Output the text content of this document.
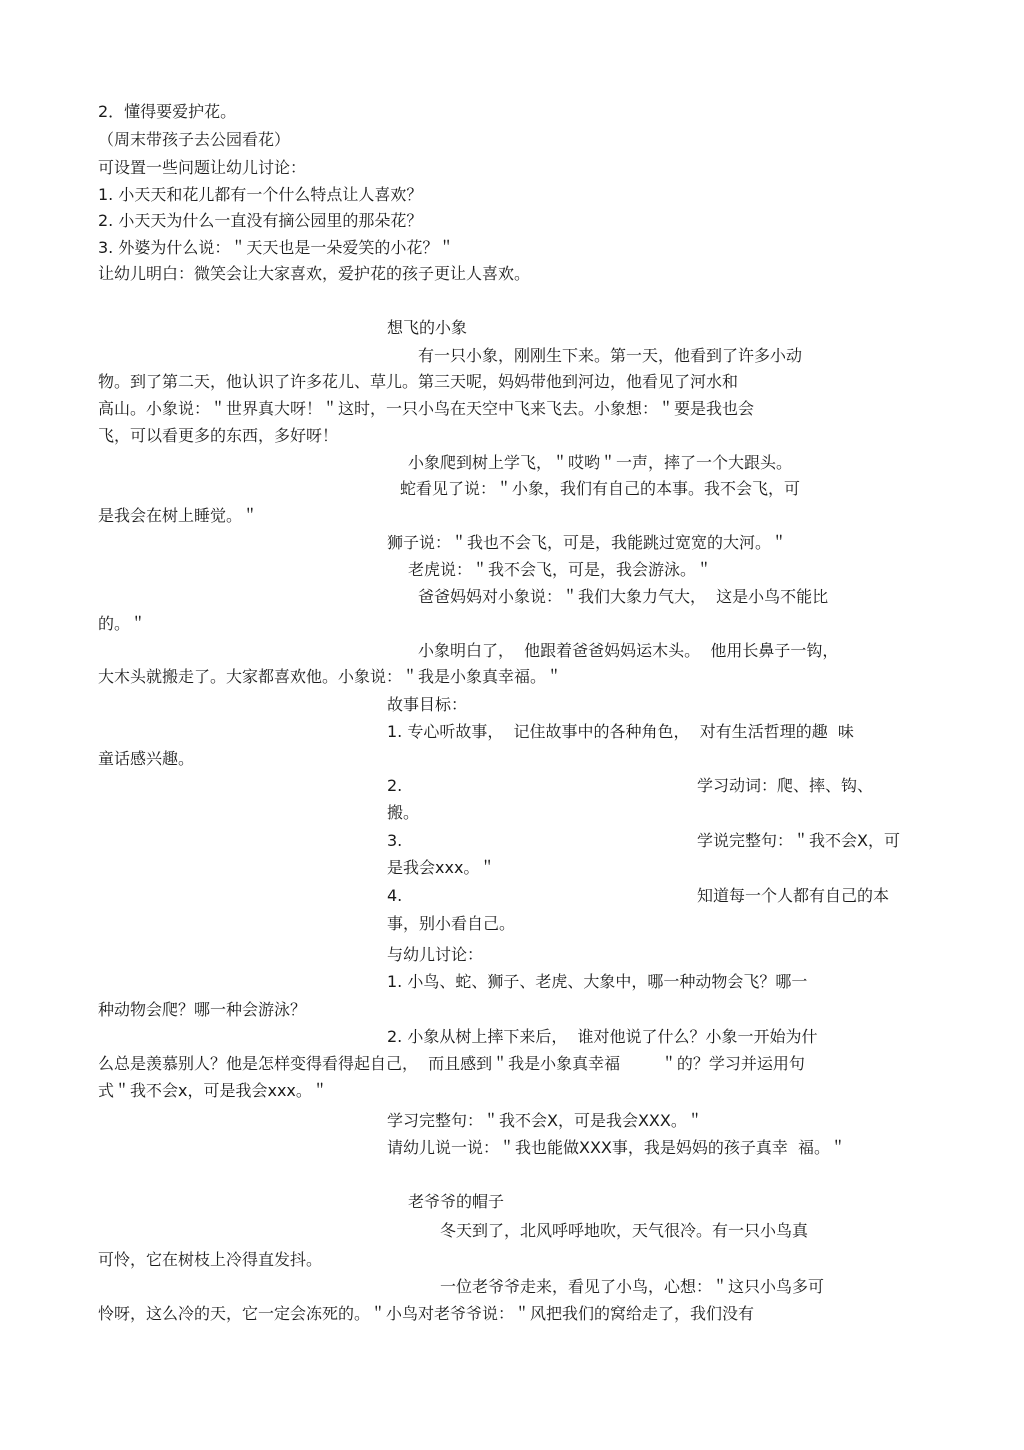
2．懂得要爱护花。
（周末带孩子去公园看花）
可设置一些问题让幼儿讨论：
1. 小天天和花儿都有一个什么特点让人喜欢？
2. 小天天为什么一直没有摘公园里的那朵花？
3. 外婆为什么说：＂天天也是一朵爱笑的小花？＂
让幼儿明白：微笑会让大家喜欢，爱护花的孩子更让人喜欢。
想飞的小象
有一只小象，刚刚生下来。第一天，他看到了许多小动
物。到了第二天，他认识了许多花儿、草儿。第三天呢，妈妈带他到河边，他看见了河水和
高山。小象说：＂世界真大呀！＂这时，一只小鸟在天空中飞来飞去。小象想：＂要是我也会
飞，可以看更多的东西，多好呀！
小象爬到树上学飞，＂哎哟＂一声，摔了一个大跟头。
蛇看见了说：＂小象，我们有自己的本事。我不会飞，可
是我会在树上睡觉。＂
狮子说：＂我也不会飞，可是，我能跳过宽宽的大河。＂
老虎说：＂我不会飞，可是，我会游泳。＂
爸爸妈妈对小象说：＂我们大象力气大，  这是小鸟不能比
的。＂
小象明白了，  他跟着爸爸妈妈运木头。  他用长鼻子一钩，
大木头就搬走了。大家都喜欢他。小象说：＂我是小象真幸福。＂
故事目标：
1. 专心听故事，  记住故事中的各种角色，  对有生活哲理的趣  味
童话感兴趣。
2.	学习动词：爬、摔、钩、
搬。
3.	学说完整句：＂我不会X，可
是我会xxx。＂
4.	知道每一个人都有自己的本
事，别小看自己。
与幼儿讨论：
1. 小鸟、蛇、狮子、老虎、大象中，哪一种动物会飞？哪一
种动物会爬？哪一种会游泳？
2. 小象从树上摔下来后，  谁对他说了什么？小象一开始为什
么总是羡慕别人？他是怎样变得看得起自己，  而且感到＂我是小象真幸福        ＂的？学习并运用句
式＂我不会x，可是我会xxx。＂
学习完整句：＂我不会X，可是我会XXX。＂
请幼儿说一说：＂我也能做XXX事，我是妈妈的孩子真幸  福。＂
老爷爷的帽子
冬天到了，北风呼呼地吹，天气很冷。有一只小鸟真
可怜，它在树枝上冷得直发抖。
一位老爷爷走来，看见了小鸟，心想：＂这只小鸟多可
怜呀，这么冷的天，它一定会冻死的。＂小鸟对老爷爷说：＂风把我们的窝给走了，我们没有
